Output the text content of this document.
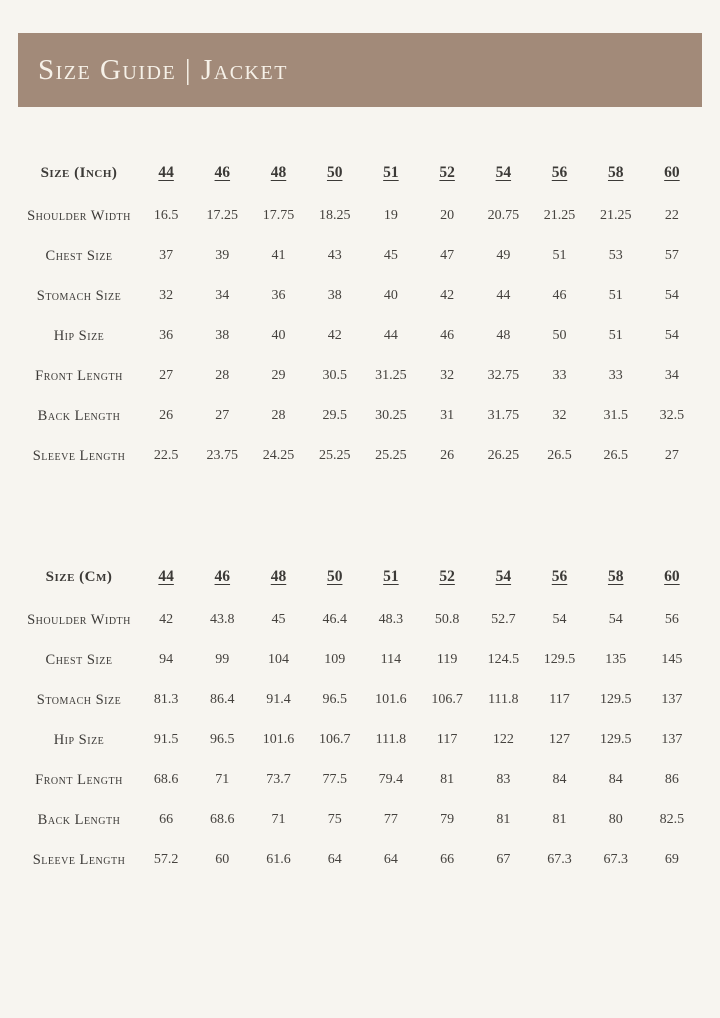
Size Guide | Jacket
Size (Inch)	44	46	48	50	51	52	54	56	58	60
Shoulder Width	16.5	17.25	17.75	18.25	19	20	20.75	21.25	21.25	22
Chest Size	37	39	41	43	45	47	49	51	53	57
Stomach Size	32	34	36	38	40	42	44	46	51	54
Hip Size	36	38	40	42	44	46	48	50	51	54
Front Length	27	28	29	30.5	31.25	32	32.75	33	33	34
Back Length	26	27	28	29.5	30.25	31	31.75	32	31.5	32.5
Sleeve Length	22.5	23.75	24.25	25.25	25.25	26	26.25	26.5	26.5	27
Size (Cm)	44	46	48	50	51	52	54	56	58	60
Shoulder Width	42	43.8	45	46.4	48.3	50.8	52.7	54	54	56
Chest Size	94	99	104	109	114	119	124.5	129.5	135	145
Stomach Size	81.3	86.4	91.4	96.5	101.6	106.7	111.8	117	129.5	137
Hip Size	91.5	96.5	101.6	106.7	111.8	117	122	127	129.5	137
Front Length	68.6	71	73.7	77.5	79.4	81	83	84	84	86
Back Length	66	68.6	71	75	77	79	81	81	80	82.5
Sleeve Length	57.2	60	61.6	64	64	66	67	67.3	67.3	69
